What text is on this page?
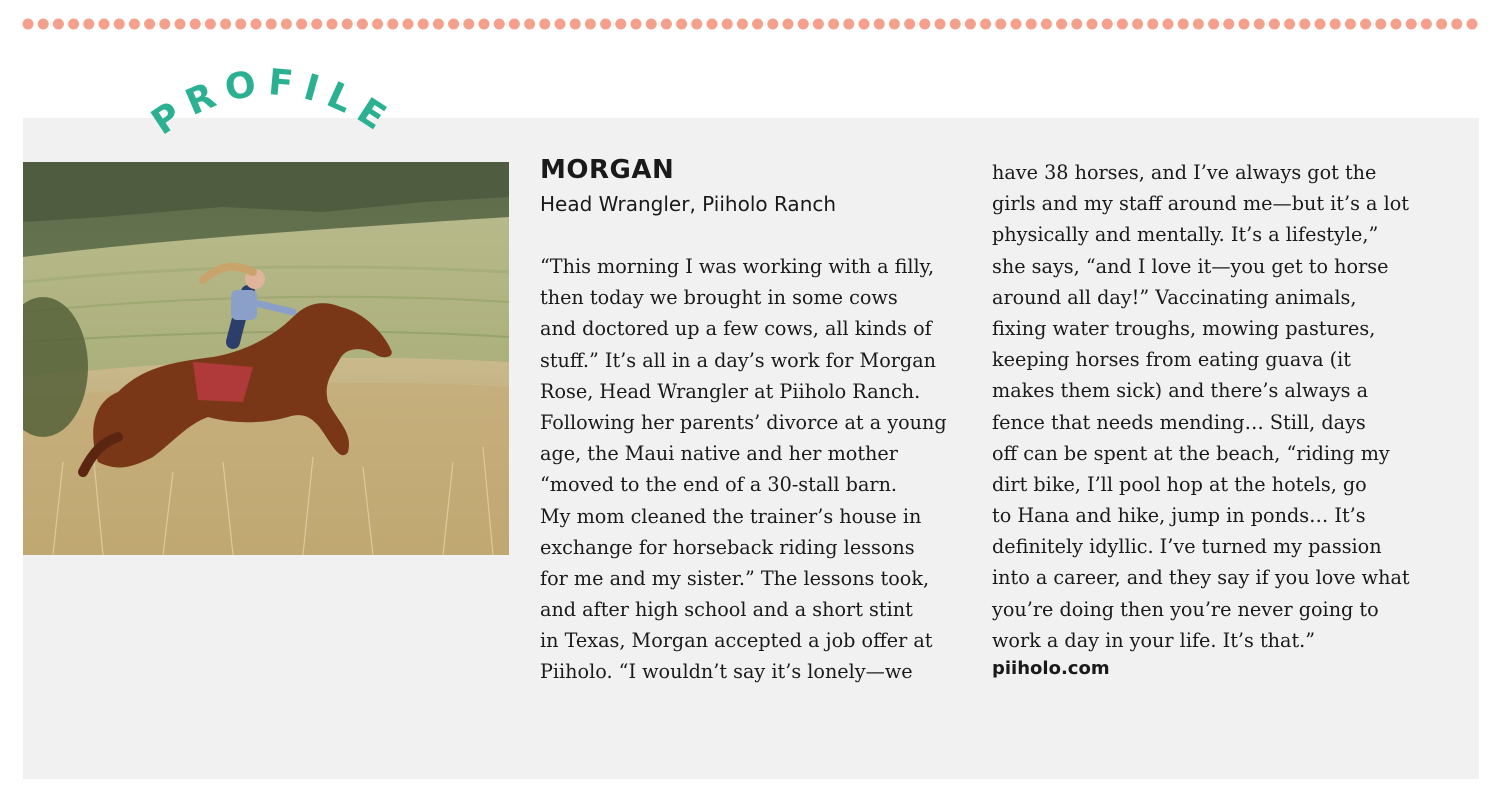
PROFILE
MORGAN
Head Wrangler, Piiholo Ranch
“This morning I was working with a filly,
then today we brought in some cows
and doctored up a few cows, all kinds of
stuff.” It’s all in a day’s work for Morgan
Rose, Head Wrangler at Piiholo Ranch.
Following her parents’ divorce at a young
age, the Maui native and her mother
“moved to the end of a 30-stall barn.
My mom cleaned the trainer’s house in
exchange for horseback riding lessons
for me and my sister.” The lessons took,
and after high school and a short stint
in Texas, Morgan accepted a job offer at
Piiholo. “I wouldn’t say it’s lonely—we
have 38 horses, and I’ve always got the
girls and my staff around me—but it’s a lot
physically and mentally. It’s a lifestyle,”
she says, “and I love it—you get to horse
around all day!” Vaccinating animals,
fixing water troughs, mowing pastures,
keeping horses from eating guava (it
makes them sick) and there’s always a
fence that needs mending… Still, days
off can be spent at the beach, “riding my
dirt bike, I’ll pool hop at the hotels, go
to Hana and hike, jump in ponds… It’s
definitely idyllic. I’ve turned my passion
into a career, and they say if you love what
you’re doing then you’re never going to
work a day in your life. It’s that.”
piiholo.com
